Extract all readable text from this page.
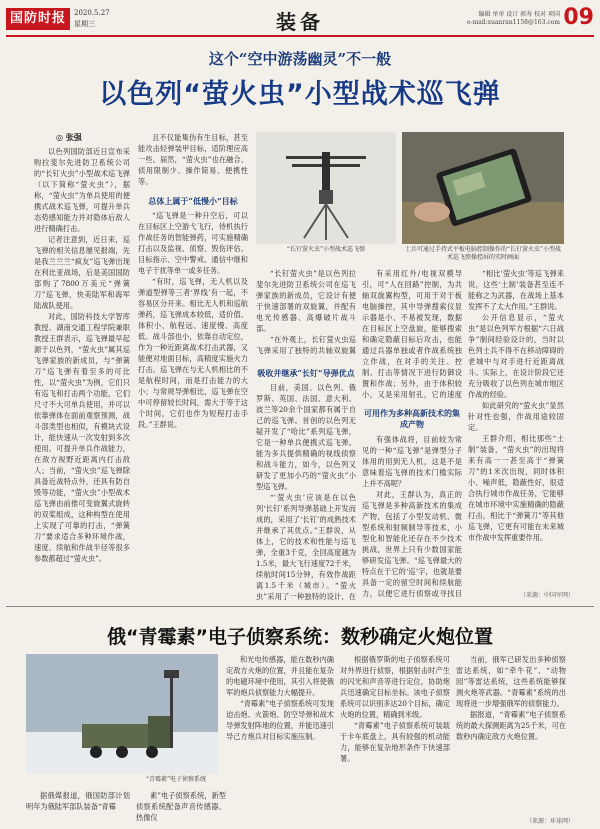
国防时报	2020.5.27
星期三	装备	编辑 单单 设计 郭寿 校对 项国
e-mail:xuanran1158@163.com 09
这个“空中游荡幽灵”不一般
以色列“萤火虫”小型战术巡飞弹
◎ 张强

以色列国防部近日宣布采购拉斐尔先进防卫系统公司的“长钉火虫”小型战术巡飞弹（以下简称“萤火虫”），据称，“萤火虫”为单兵使用的便携式战术巡飞弹，可提升单兵态势感知能力并对隐体后敌人进行精确打击。

记者注意到，近日来，巡飞弹的相关信息屡见报端，先是我兰兰兰“疯友”巡飞弹出现在利比亚战场，后是美国国防部购了7800万美元“弹簧刀”巡飞弹，快美陆军和海军陆战队使用。

对此，国防科技大学智库教授、湖南交通工程学院兼职教授王群表示，巡飞弹最早起源于以色列，“萤火虫”属其巡飞弹家族的新成员，与“弹簧刀”巡飞弹有着至多的可比性，以“萤火虫”为例，它们只有巡飞和打击两个功能，它们尺寸不大可单兵使用，并可以依靠弹体在面前观察预测，战斗部类型也相似，有模块式设计，能快速从一次发射到多次使用。可提升单兵作战能力，在敌方视野近距离内打击敌人；当前，“萤火虫”巡飞弹除具备近战特点外，还具有防自毁等功能，“萤火虫”小型战术巡飞弹由前推可变旋翼式旋转的双桨组成，这种构型在使用上实现了可靠的打击，“弹簧刀”要求适合多种环境作战，速度、续航和作战半径等很多参数都超过“萤火虫”。

且不仅能集伪有生目标，甚至能攻击轻弹装甲目标，适阶理应高一些。届然，“萤火虫”也在融合、侦用限制少、操作简易、便携性等。

总体上属于“低慢小”目标

“巡飞弹是一种升空后，可以在目标区上空游弋飞行，待机执行作战任务的智能弹药，可实施精确打击以及监视、侦察、毁伤评估、目标指示、空中警戒、通信中继和电子干扰等单一或多任务。

“有时，巡飞弹，无人机以及弹道型弹等三者‘界线’有一起，不容易区分开来。相比无人机和巡航弹药，巡飞弹成本较低，适价值、体积小、航程远、速度慢、高度低、战斗部也小，依靠自动定位，作为一种近距离战术打击武器，又能便对地面目标，高精度实施火力打击。巡飞弹在与无人机相比的不是航程时间，而是打击能力的大小；与常规导弹相比，巡飞弹在空中可停留较长时间，需大于等于这个时间，它们也作为短程打击手段。”王群说。

“长钉萤火虫”小型战术巡飞弹	士兵可通过手持式平板电脑控制操作的“长钉萤火虫”小型战术巡飞弹操控屏的实时画面

“长钉萤火虫”是以色列拉斐尔先进防卫系统公司在巡飞弹家族的新成员，它设计有便于快速部署的双旋翼，并配有电光传感器、高爆破片战斗部。

“在外观上，长钉萤火虫巡飞弹采用了独特的共轴双旋翼

吸收并继承“长钉”导弹优点

目前，美国、以色列、俄罗斯、英国、法国、意大利、波兰等20余个国家都有属于自己的巡飞弹。首创的以色列无疑开发了“哈比”系列巡飞弹，它是一种单兵便携式巡飞弹。能为多兵提供精确的视线侦察和战斗能力，如今，以色列又研发了更加小巧的“萤火虫”小型巡飞弹。

“‘萤火虫’应该是在以色列‘长钉’系列导弹基础上开发而成的，采用了‘长钉’的成熟技术并继承了其优点。”王群说，从体上，它的技术和性能与巡飞弹，全重3千克，全回高度越为1.5米，最大飞行速度72千米，续航时间15分钟，有效作战距离1.5千米（城市）。“萤火虫”采用了一种独特的设计，在

有采用红外/电视双模导引，可“人在回路”控制，为共轴双旋翼构型，可用于对于板电脑操控，其中导弹搜索仪显示器是小、不易被发现，数据在目标区上空盘旋，能够搜索和确定隐蔽目标后攻击，也能通过兵器单独或者作战系统独立作战，在对手的关注、控制、打击等情况下进行防御设置和作战；另外，由于体积较小，又是采用射孔，它的速度

可用作为多种高新技术的集成产物

有强体战将，目前较为常见的一种“巡飞弹”是弹型分子体用的用到无人机，这是不是意味着巡飞弹的技术门槛实际上并不高呢？

对此，王群认为，真正的巡飞弹是多种高新技术的集成产物，包括了小型发动机、微型系统和射频制导等技术，小型化和智能化还存在不少技术挑战，世界上只有少数国家能够研发巡飞弹。“巡飞弹最大的特点在于它的‘巡’字，也就是要具备一定的留空时间和续航能力，以便它进行侦察或寻找目

“相比‘萤火虫’等巡飞弹来说，这些‘土制’装备甚至连不能称之为武器，在战场上基本发挥不了太大作用。”王群说。

公开信息显示，“萤火虫”是以色列军方根据“六日战争”制间经验设计的，当时以色列士兵不得不在移动障碍的老城中与对手进行近距离战斗。实际上，在设计阶段它还充分吸收了以色列在城市地区作战的经验。

如此研究的“萤火虫”显然针对性也强，作战用途较固定。

王群介绍，相比那些“土制”装备，“萤火虫”的出现将来有高一一甚至高于“弹簧刀”的1米次出现，同时体积小、噪声低，隐蔽性好，很适合执行城市作战任务，它能够在城市环境中实施精确的隐蔽打击，相比于“弹簧刀”等其他巡飞弹，它更有可能在未来城市作战中发挥重要作用。

（来源：中国军网）
俄“青霉素”电子侦察系统：数秒确定火炮位置
“青霉素”电子侦察系统

据俄媒报道，俄国防部计划明年为俄陆军部队装备“青霉

素”电子侦察系统，新型侦察系统配备声音传感器、热像仪

和光电传感器，能在数秒内确定敌方火炮的位置，并且能在复杂的电磁环境中使用，其引入将使俄军的炮兵侦察能力大幅提升。

“青霉素”电子侦察系统可发现迫击炮、火箭炮、防空导弹和战术导弹发射阵地的位置，并能迅速引导己方炮兵对目标实施压制。

根据俄罗斯的电子侦察系统可对外界进行侦察，根据射击时产生的闪光和声音等进行定位，协助炮兵迅速确定目标坐标。该电子侦察系统可以识别多达20个目标，确定火炮的位置，精确到米级。

“青霉素”电子侦察系统可装载于卡车底盘上，具有较强的机动能力，能够在复杂地形条件下快速部署。

当前，俄军已研发出多种侦察雷达系统，如“牵牛花”、“动物园”等雷达系统，这些系统能够探测火炮等武器。“青霉素”系统的出现将进一步增强俄军的侦察能力。

据报道，“青霉素”电子侦察系统的最大探测距离为25千米，可在数秒内确定敌方火炮位置。

（来源：环球网）
